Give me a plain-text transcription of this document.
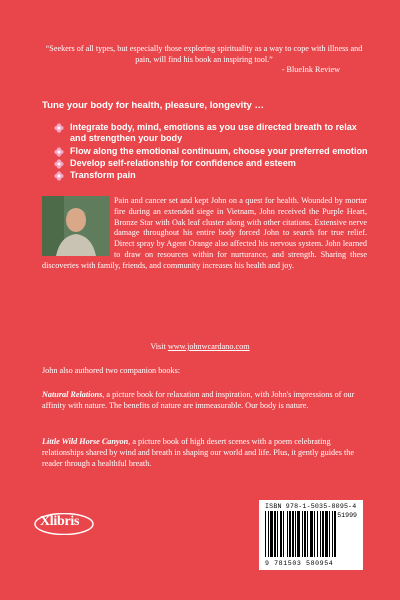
“Seekers of all types, but especially those exploring spirituality as a way to cope with illness and pain, will find his book an inspiring tool.”
- BlueInk Review
Tune your body for health, pleasure, longevity …
Integrate body, mind, emotions as you use directed breath to relax and strengthen your body
Flow along the emotional continuum, choose your preferred emotion
Develop self-relationship for confidence and esteem
Transform pain
Pain and cancer set and kept John on a quest for health. Wounded by mortar fire during an extended siege in Vietnam, John received the Purple Heart, Bronze Star with Oak leaf cluster along with other citations. Extensive nerve damage throughout his entire body forced John to search for true relief. Direct spray by Agent Orange also affected his nervous system. John learned to draw on resources within for nurturance, and strength. Sharing these discoveries with family, friends, and community increases his health and joy.
Visit www.johnwcardano.com
John also authored two companion books:
Natural Relations, a picture book for relaxation and inspiration, with John's impressions of our affinity with nature. The benefits of nature are immeasurable. Our body is nature.
Little Wild Horse Canyon, a picture book of high desert scenes with a poem celebrating relationships shared by wind and breath in shaping our world and life. Plus, it gently guides the reader through a healthful breath.
Xlibris
ISBN 978-1-5035-8095-4
51999
9 781503 580954
